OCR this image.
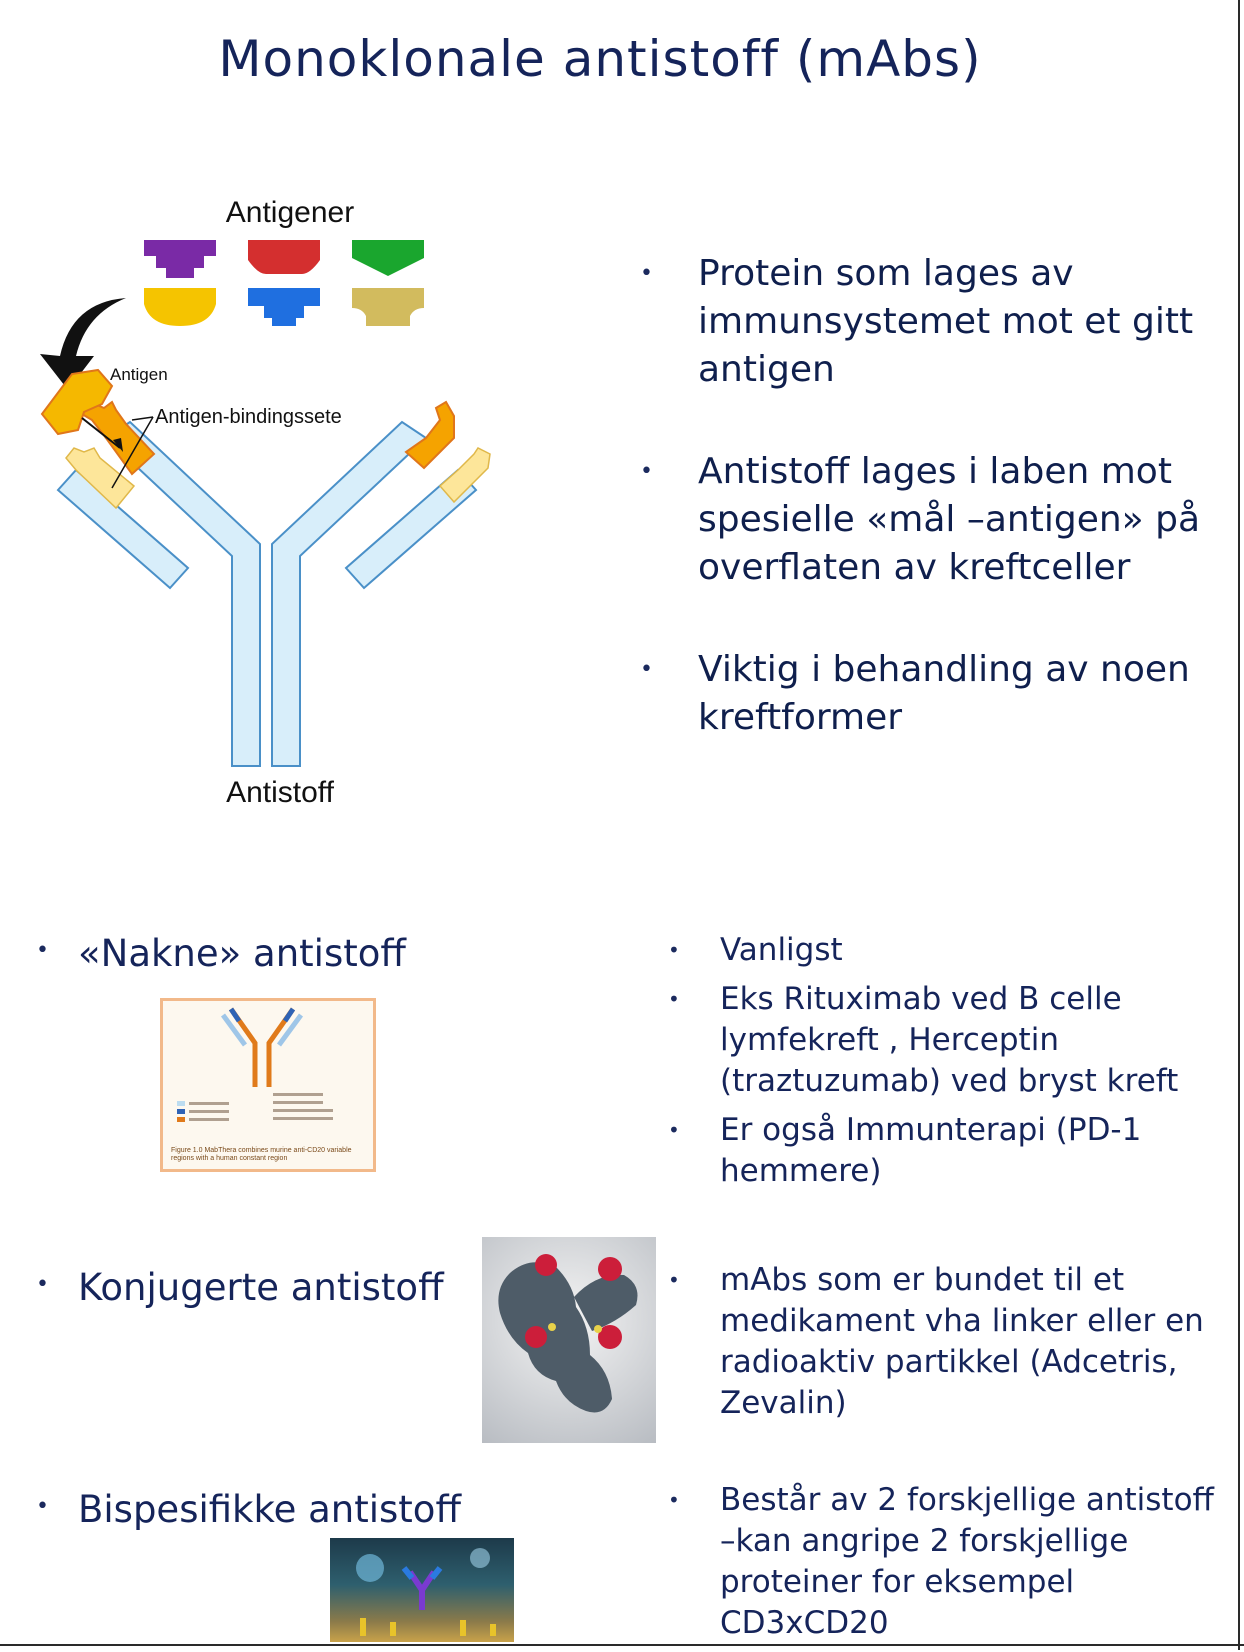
Monoklonale antistoff (mAbs)
Antigener
Antigen
Antigen-bindingssete
Antistoff
• Protein som lages av immunsystemet mot et gitt antigen
• Antistoff lages i laben mot spesielle «mål –antigen» på overflaten av kreftceller
• Viktig i behandling av noen kreftformer
• «Nakne» antistoff
Figure 1.0 MabThera combines murine anti-CD20 variable regions with a human constant region
• Vanligst
• Eks Rituximab ved B celle lymfekreft , Herceptin (traztuzumab) ved bryst kreft
• Er også Immunterapi (PD-1 hemmere)
• Konjugerte antistoff	• mAbs som er bundet til et medikament vha linker eller en radioaktiv partikkel (Adcetris, Zevalin)
• Bispesifikke antistoff	• Består av 2 forskjellige antistoff –kan angripe 2 forskjellige proteiner for eksempel CD3xCD20
